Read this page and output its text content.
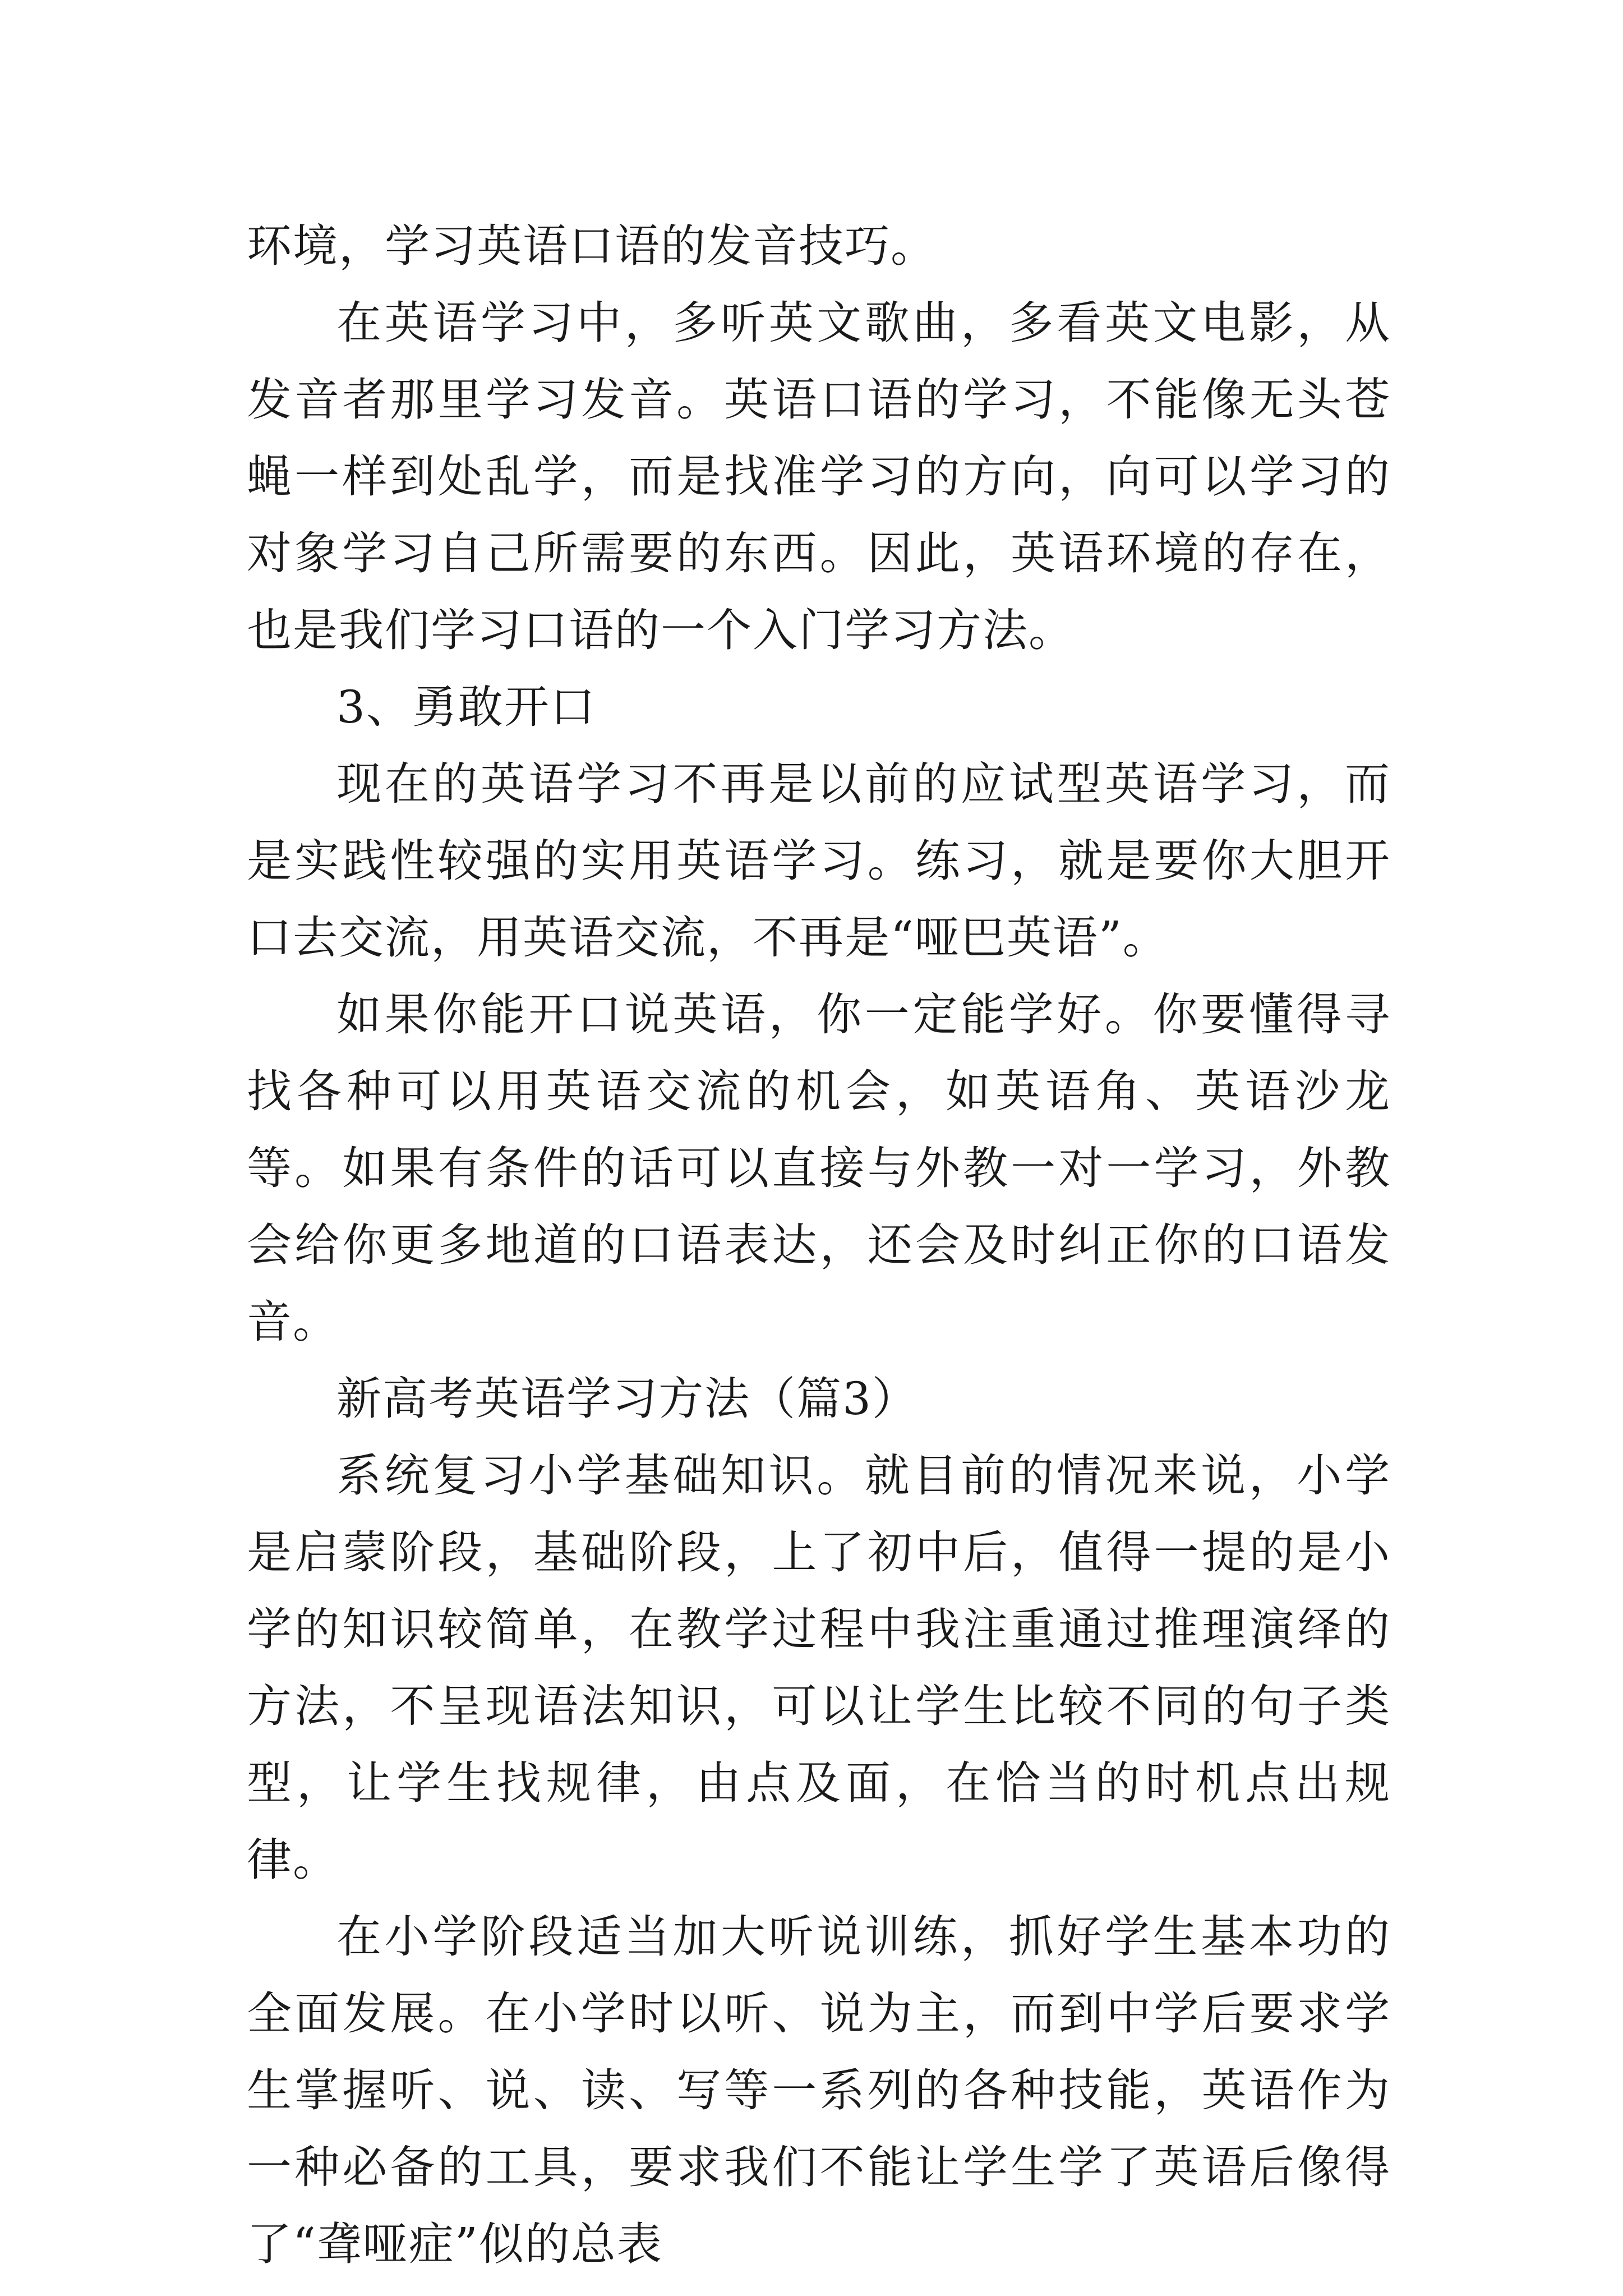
环境，学习英语口语的发音技巧。

在英语学习中，多听英文歌曲，多看英文电影，从发音者那里学习发音。英语口语的学习，不能像无头苍蝇一样到处乱学，而是找准学习的方向，向可以学习的对象学习自己所需要的东西。因此，英语环境的存在，也是我们学习口语的一个入门学习方法。

3、勇敢开口

现在的英语学习不再是以前的应试型英语学习，而是实践性较强的实用英语学习。练习，就是要你大胆开口去交流，用英语交流，不再是“哑巴英语”。

如果你能开口说英语，你一定能学好。你要懂得寻找各种可以用英语交流的机会，如英语角、英语沙龙等。如果有条件的话可以直接与外教一对一学习，外教会给你更多地道的口语表达，还会及时纠正你的口语发音。

新高考英语学习方法（篇3）

系统复习小学基础知识。就目前的情况来说，小学是启蒙阶段，基础阶段，上了初中后，值得一提的是小学的知识较简单，在教学过程中我注重通过推理演绎的方法，不呈现语法知识，可以让学生比较不同的句子类型，让学生找规律，由点及面，在恰当的时机点出规律。

在小学阶段适当加大听说训练，抓好学生基本功的全面发展。在小学时以听、说为主，而到中学后要求学生掌握听、说、读、写等一系列的各种技能，英语作为一种必备的工具，要求我们不能让学生学了英语后像得了“聋哑症”似的总表
